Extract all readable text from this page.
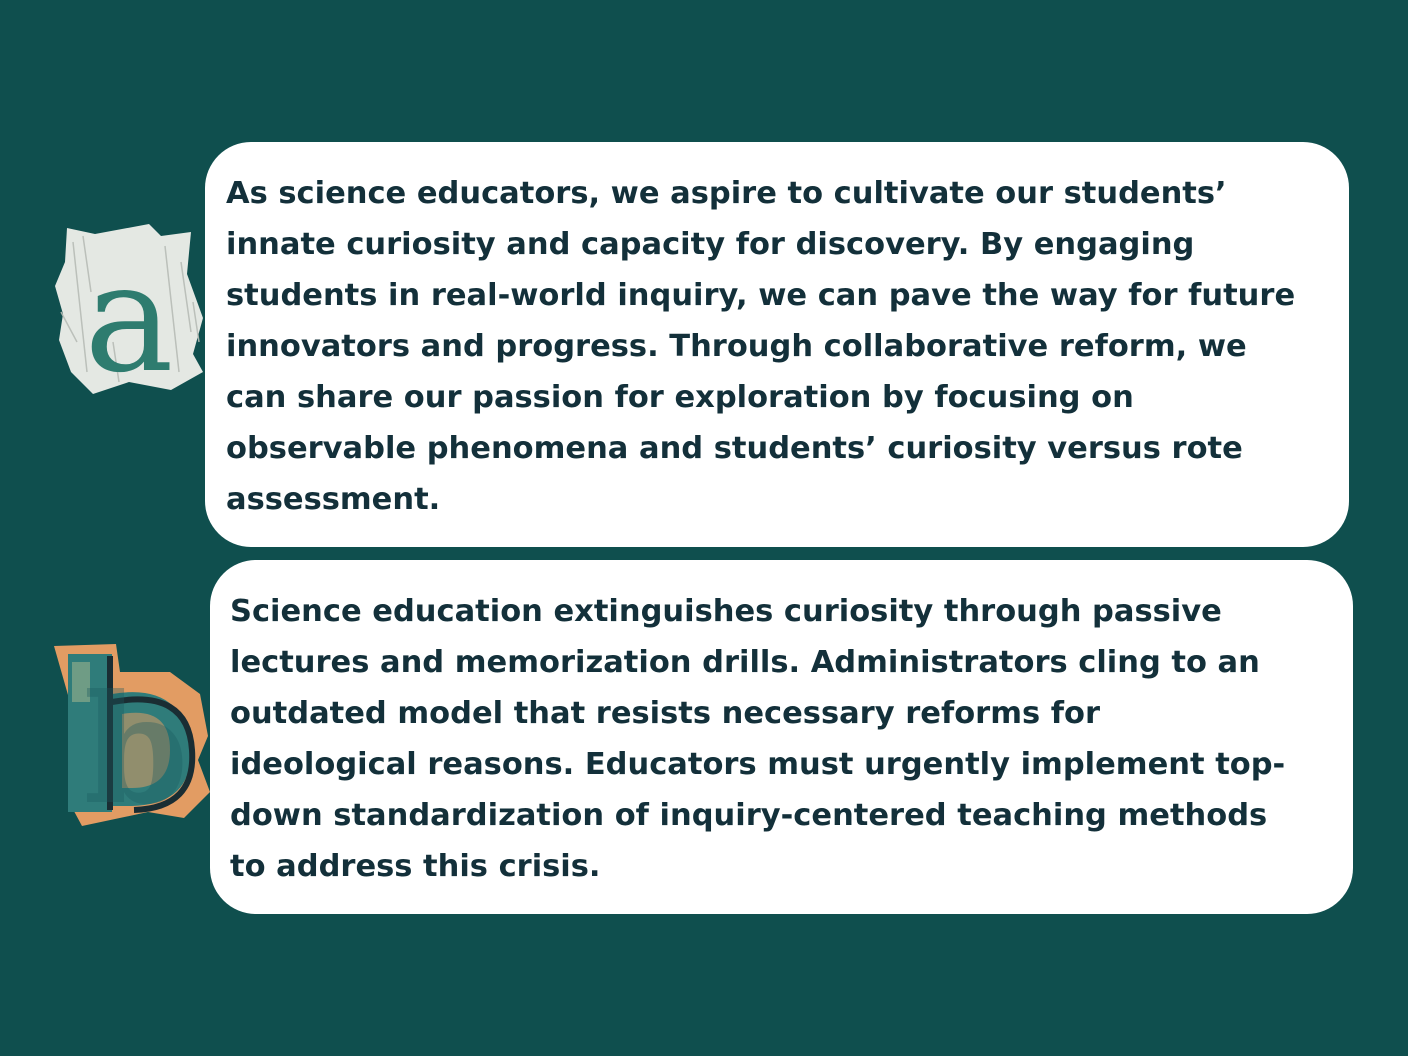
a

As science educators, we aspire to cultivate our students’
innate curiosity and capacity for discovery. By engaging
students in real-world inquiry, we can pave the way for future
innovators and progress. Through collaborative reform, we
can share our passion for exploration by focusing on
observable phenomena and students’ curiosity versus rote
assessment.

b

Science education extinguishes curiosity through passive
lectures and memorization drills. Administrators cling to an
outdated model that resists necessary reforms for
ideological reasons. Educators must urgently implement top-
down standardization of inquiry-centered teaching methods
to address this crisis.
